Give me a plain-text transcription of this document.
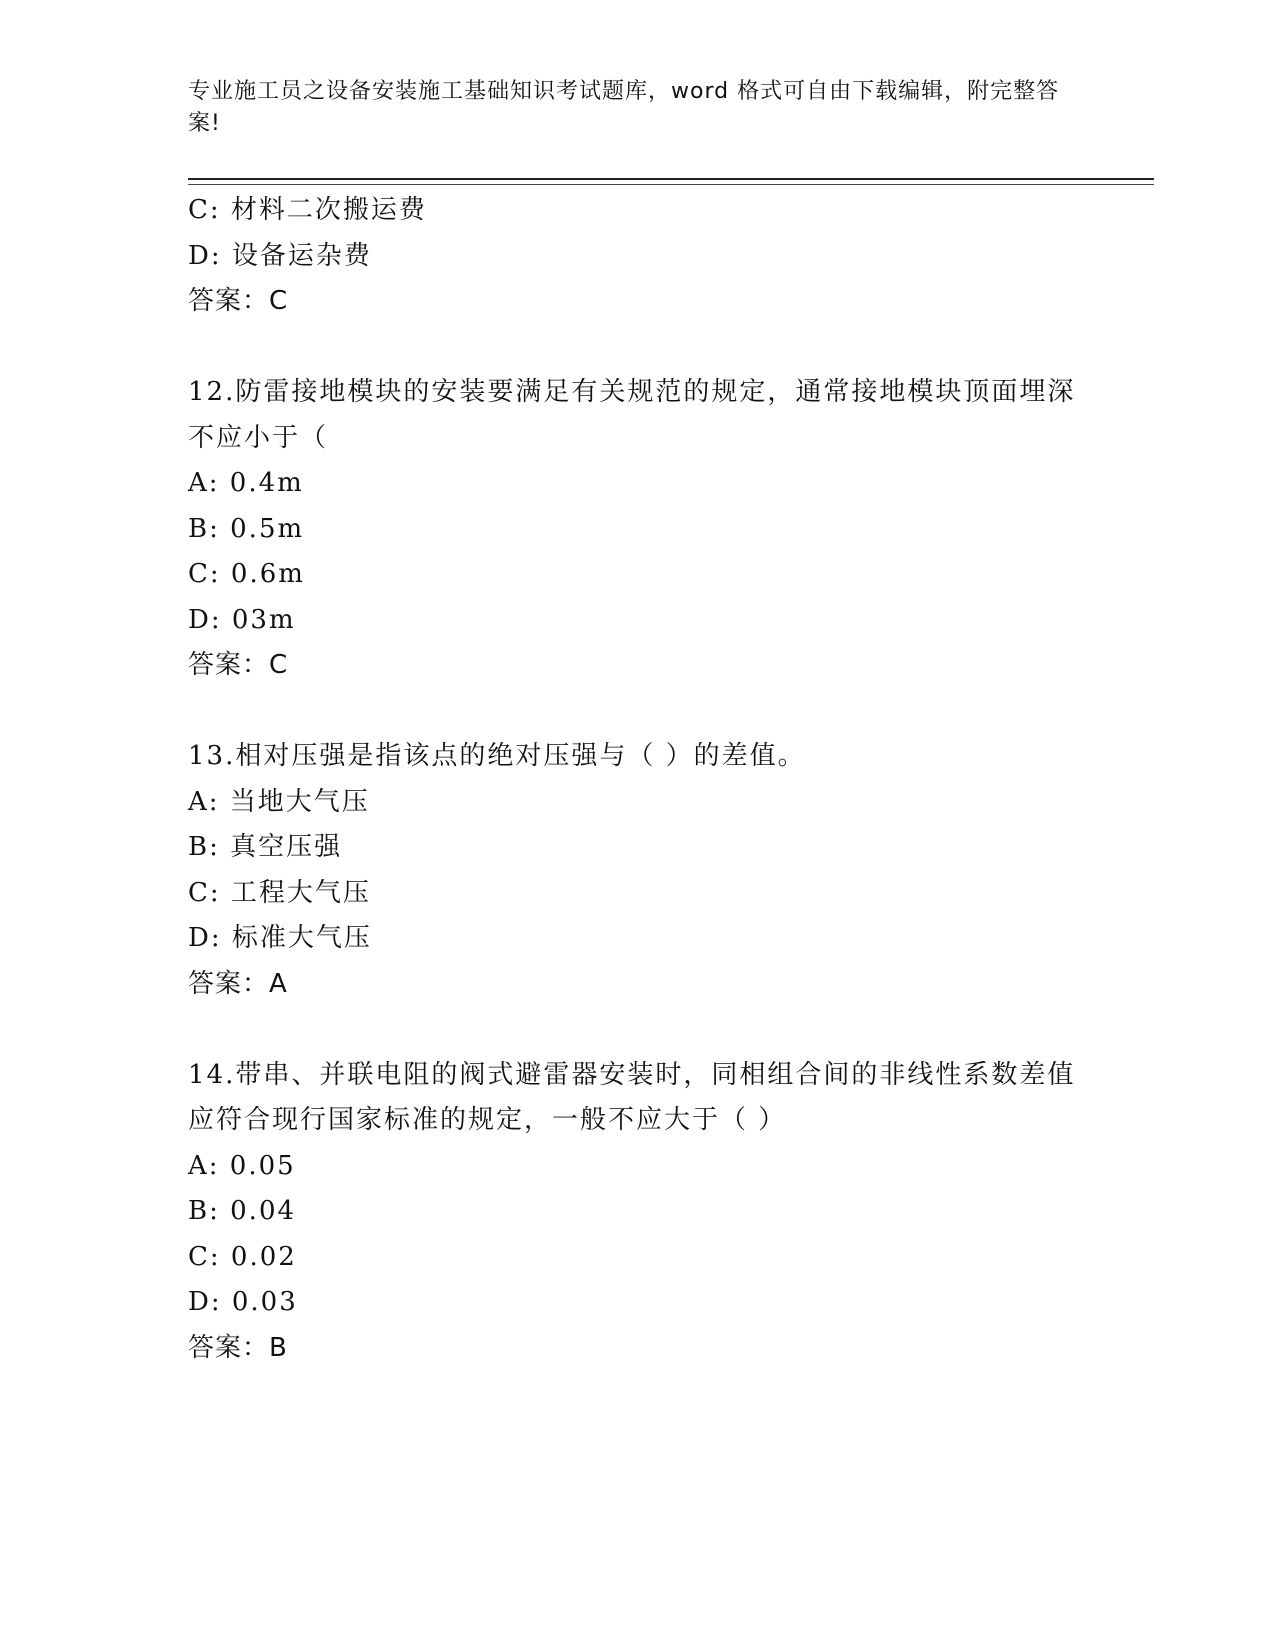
专业施工员之设备安装施工基础知识考试题库，word 格式可自由下载编辑，附完整答案!
C: 材料二次搬运费
D: 设备运杂费
答案：C
12.防雷接地模块的安装要满足有关规范的规定，通常接地模块顶面埋深不应小于（
A: 0.4m
B: 0.5m
C: 0.6m
D: 03m
答案：C
13.相对压强是指该点的绝对压强与（ ）的差值。
A: 当地大气压
B: 真空压强
C: 工程大气压
D: 标准大气压
答案：A
14.带串、并联电阻的阀式避雷器安装时，同相组合间的非线性系数差值应符合现行国家标准的规定，一般不应大于（ ）
A: 0.05
B: 0.04
C: 0.02
D: 0.03
答案：B
